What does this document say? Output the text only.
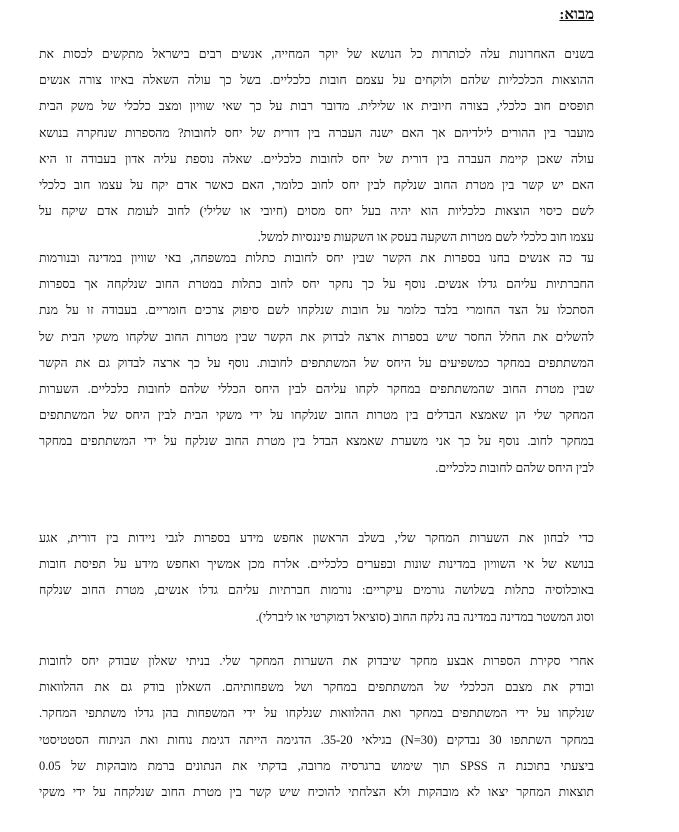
מבוא:
בשנים האחרונות עלה לכותרות כל הנושא של יוקר המחייה, אנשים רבים בישראל מתקשים לכסות את
ההוצאות הכלכליות שלהם ולוקחים על עצמם חובות כלכליים. בשל כך עולה השאלה באיזו צורה אנשים
תופסים חוב כלכלי, בצורה חיובית או שלילית. מדובר רבות על כך שאי שוויון ומצב כלכלי של משק הבית
מועבר בין ההורים לילדיהם אך האם ישנה העברה בין דורית של יחס לחובות? מהספרות שנחקרה בנושא
עולה שאכן קיימת העברה בין דורית של יחס לחובות כלכליים. שאלה נוספת עליה אדון בעבודה זו היא
האם יש קשר בין מטרת החוב שנלקח לבין יחס לחוב כלומר, האם כאשר אדם יקח על עצמו חוב כלכלי
לשם כיסוי הוצאות כלכליות הוא יהיה בעל יחס מסוים (חיובי או שלילי) לחוב לעומת אדם שיקח על
עצמו חוב כלכלי לשם מטרות השקעה בעסק או השקעות פיננסיות למשל.
עד כה אנשים בחנו בספרות את הקשר שבין יחס לחובות כתלות במשפחה, באי שוויון במדינה ובנורמות
החברתיות עליהם גדלו אנשים. נוסף על כך נחקר יחס לחוב כתלות במטרת החוב שנלקחה אך בספרות
הסתכלו על הצד החומרי בלבד כלומר על חובות שנלקחו לשם סיפוק צרכים חומריים. בעבודה זו על מנת
להשלים את החלל החסר שיש בספרות ארצה לבדוק את הקשר שבין מטרות החוב שלקחו משקי הבית של
המשתתפים במחקר כמשפיעים על היחס של המשתתפים לחובות. נוסף על כך ארצה לבדוק גם את הקשר
שבין מטרת החוב שהמשתתפים במחקר לקחו עליהם לבין היחס הכללי שלהם לחובות כלכליים. השערות
המחקר שלי הן שאמצא הבדלים בין מטרות החוב שנלקחו על ידי משקי הבית לבין היחס של המשתתפים
במחקר לחוב. נוסף על כך אני משערת שאמצא הבדל בין מטרת החוב שנלקח על ידי המשתתפים במחקר
לבין היחס שלהם לחובות כלכליים.
כדי לבחון את השערות המחקר שלי, בשלב הראשון אחפש מידע בספרות לגבי ניידות בין דורית, אגע
בנושא של אי השוויון במדינות שונות ובפערים כלכליים. אלרח מכן אמשיך ואחפש מידע על תפיסת חובות
באוכלוסיה כתלות בשלושה גורמים עיקריים: נורמות חברתיות עליהם גדלו אנשים, מטרת החוב שנלקח
וסוג המשטר במדינה במדינה בה נלקח החוב (סוציאל דמוקרטי או ליברלי).
אחרי סקירת הספרות אבצע מחקר שיבדוק את השערות המחקר שלי. בניתי שאלון שבודק יחס לחובות
ובודק את מצבם הכלכלי של המשתתפים במחקר ושל משפחותיהם. השאלון בודק גם את ההלוואות
שנלקחו על ידי המשתתפים במחקר ואת ההלוואות שנלקחו על ידי המשפחות בהן גדלו משתתפי המחקר.
במחקר השתתפו 30 נבדקים (N=30) בגילאי 35-20. הדגימה הייתה דגימת נוחות ואת הניתוח הסטטיסטי
ביצעתי בתוכנת ה SPSS תוך שימוש ברגרסיה מרובה, בדקתי את הנתונים ברמת מובהקות של 0.05
תוצאות המחקר יצאו לא מובהקות ולא הצלחתי להוכיח שיש קשר בין מטרת החוב שנלקחה על ידי משקי
